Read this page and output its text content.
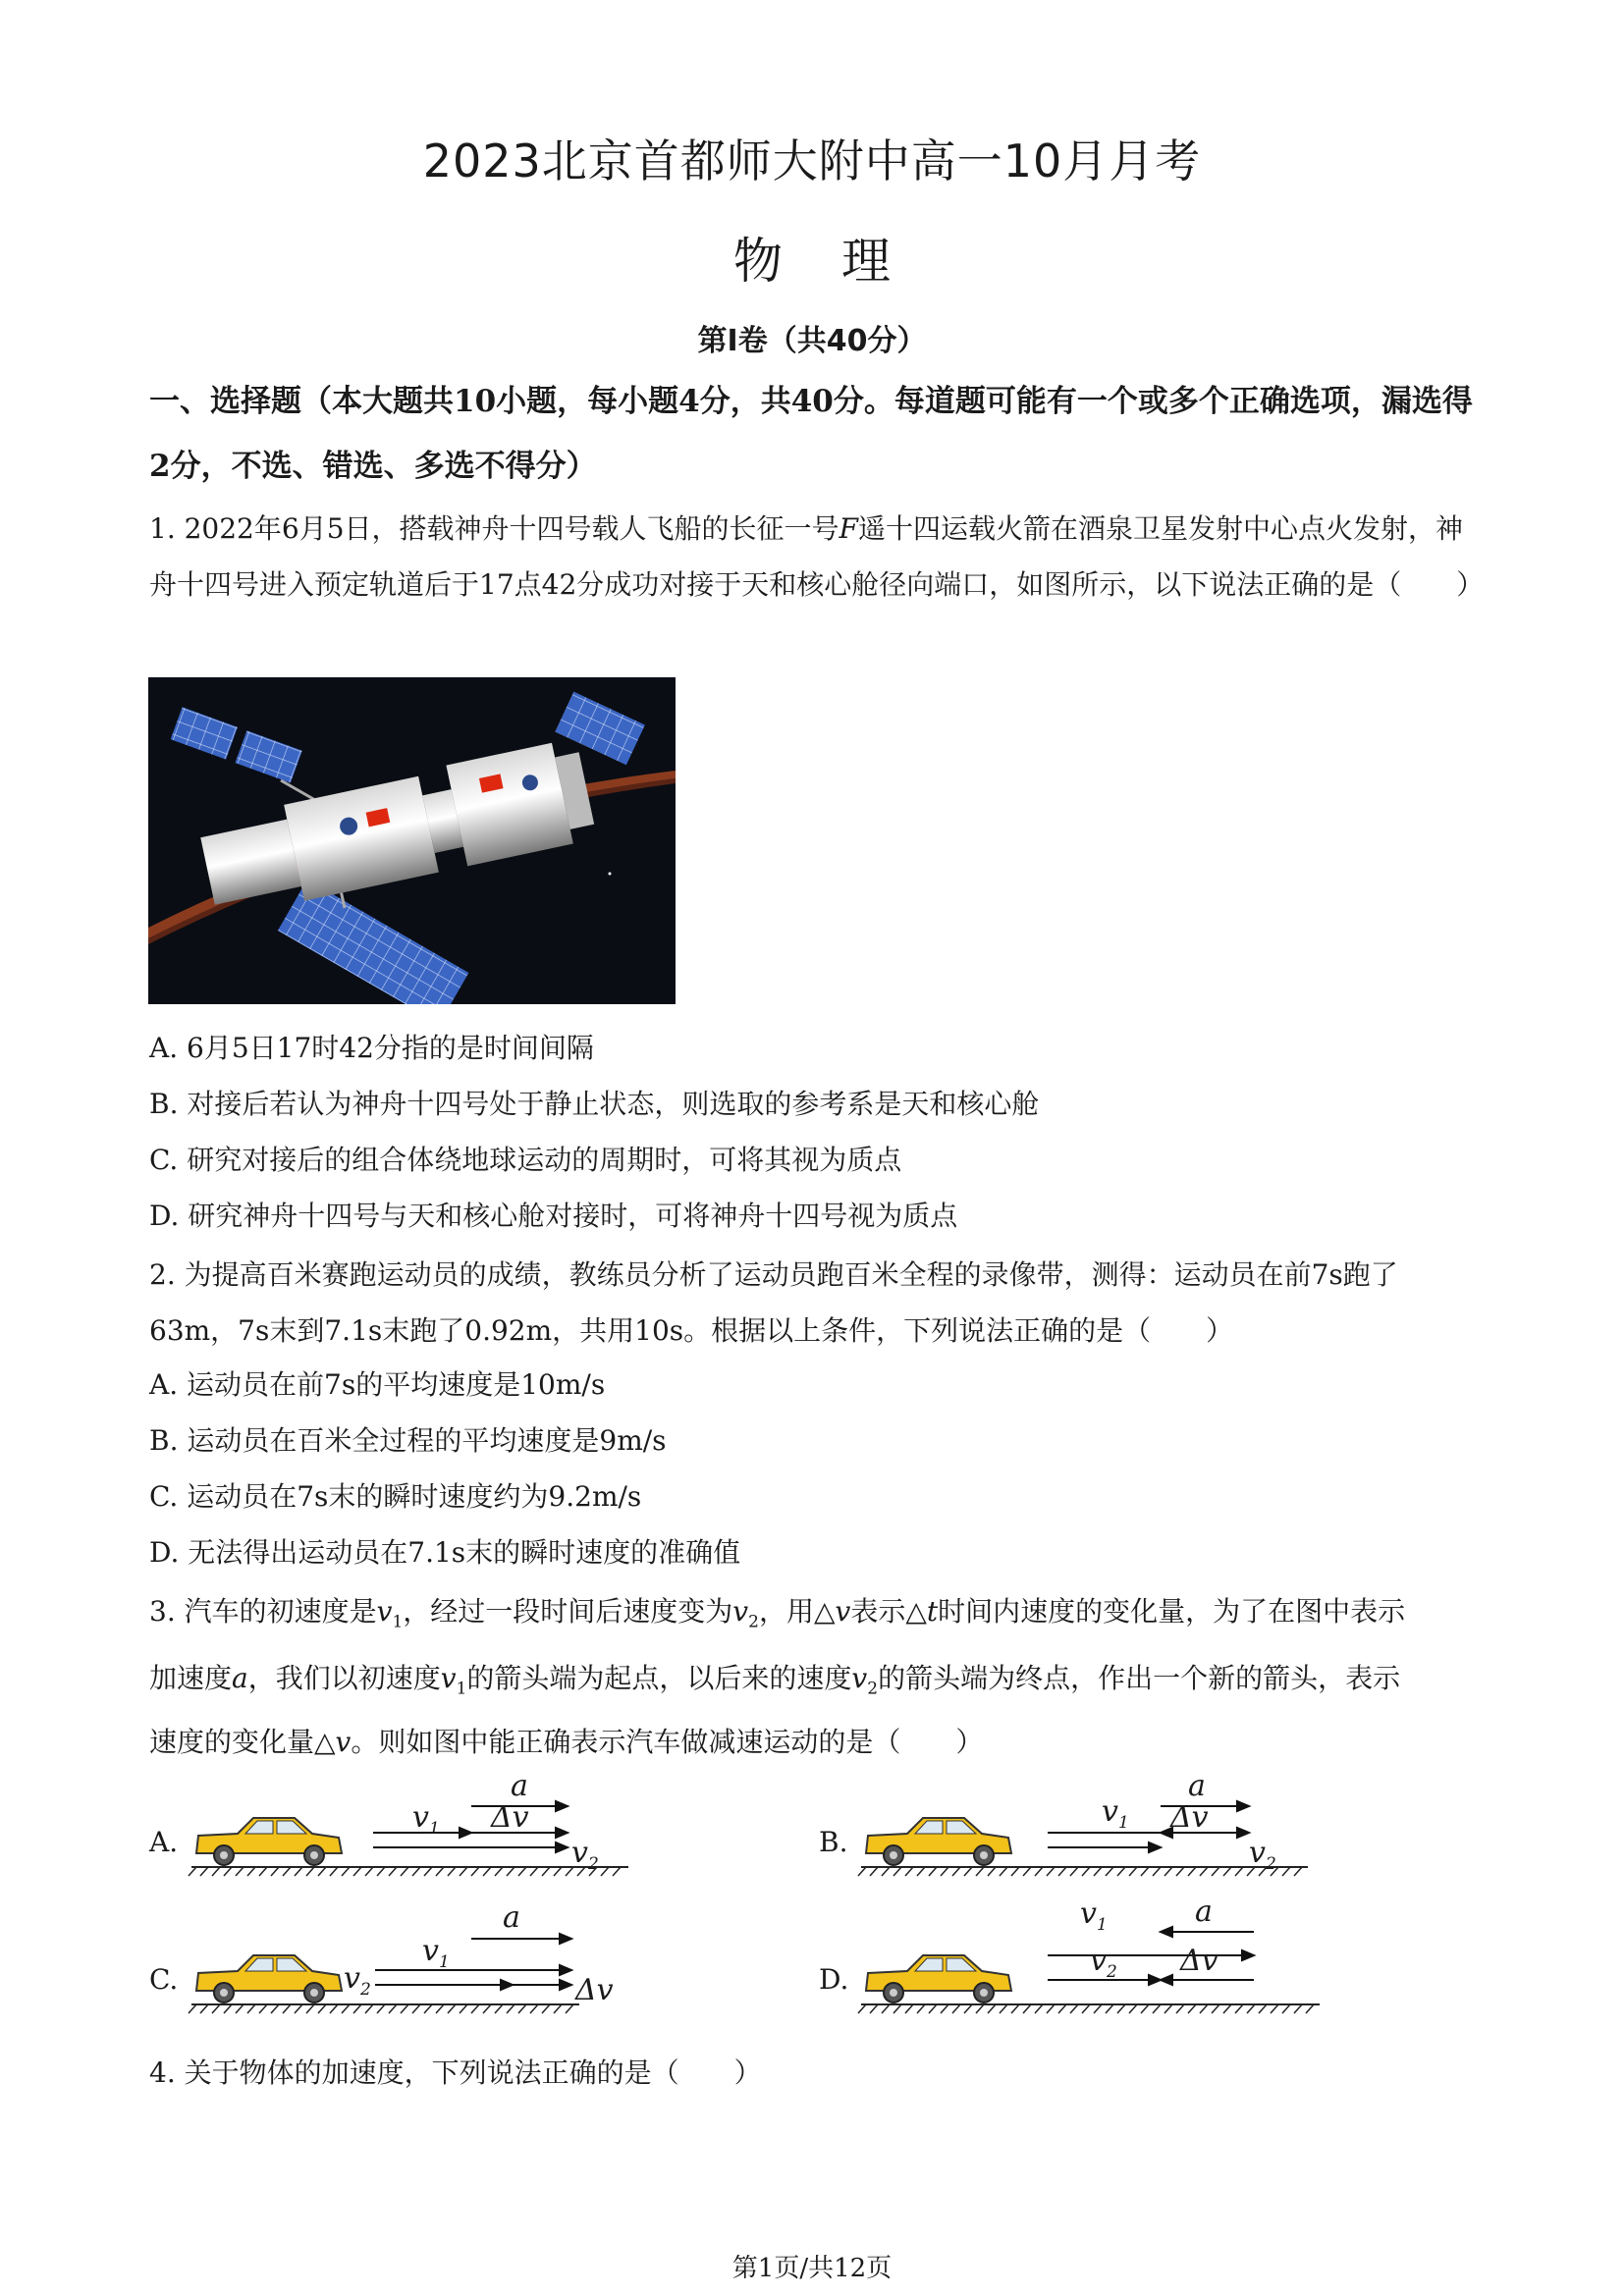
2023北京首都师大附中高一10月月考
物理
第I卷（共40分）
一、选择题（本大题共10小题，每小题4分，共40分。每道题可能有一个或多个正确选项，漏选得2分，不选、错选、多选不得分）
1. 2022年6月5日，搭载神舟十四号载人飞船的长征一号F遥十四运载火箭在酒泉卫星发射中心点火发射，神舟十四号进入预定轨道后于17点42分成功对接于天和核心舱径向端口，如图所示，以下说法正确的是（　　）
A. 6月5日17时42分指的是时间间隔
B. 对接后若认为神舟十四号处于静止状态，则选取的参考系是天和核心舱
C. 研究对接后的组合体绕地球运动的周期时，可将其视为质点
D. 研究神舟十四号与天和核心舱对接时，可将神舟十四号视为质点
2. 为提高百米赛跑运动员的成绩，教练员分析了运动员跑百米全程的录像带，测得：运动员在前7s跑了63m，7s末到7.1s末跑了0.92m，共用10s。根据以上条件，下列说法正确的是（　　）
A. 运动员在前7s的平均速度是10m/s
B. 运动员在百米全过程的平均速度是9m/s
C. 运动员在7s末的瞬时速度约为9.2m/s
D. 无法得出运动员在7.1s末的瞬时速度的准确值
3. 汽车的初速度是$v_1$，经过一段时间后速度变为$v_2$，用△v表示△t时间内速度的变化量，为了在图中表示
加速度a，我们以初速度$v_1$的箭头端为起点，以后来的速度$v_2$的箭头端为终点，作出一个新的箭头，表示
速度的变化量△v。则如图中能正确表示汽车做减速运动的是（　　）
A.
a
Δv
$v_1$
$v_2$
B.
a
Δv
$v_1$
$v_2$
C.
a
$v_1$
$v_2$	Δv	D.
a
$v_1$
$v_2$ Δv
4. 关于物体的加速度，下列说法正确的是（　　）
第1页/共12页
